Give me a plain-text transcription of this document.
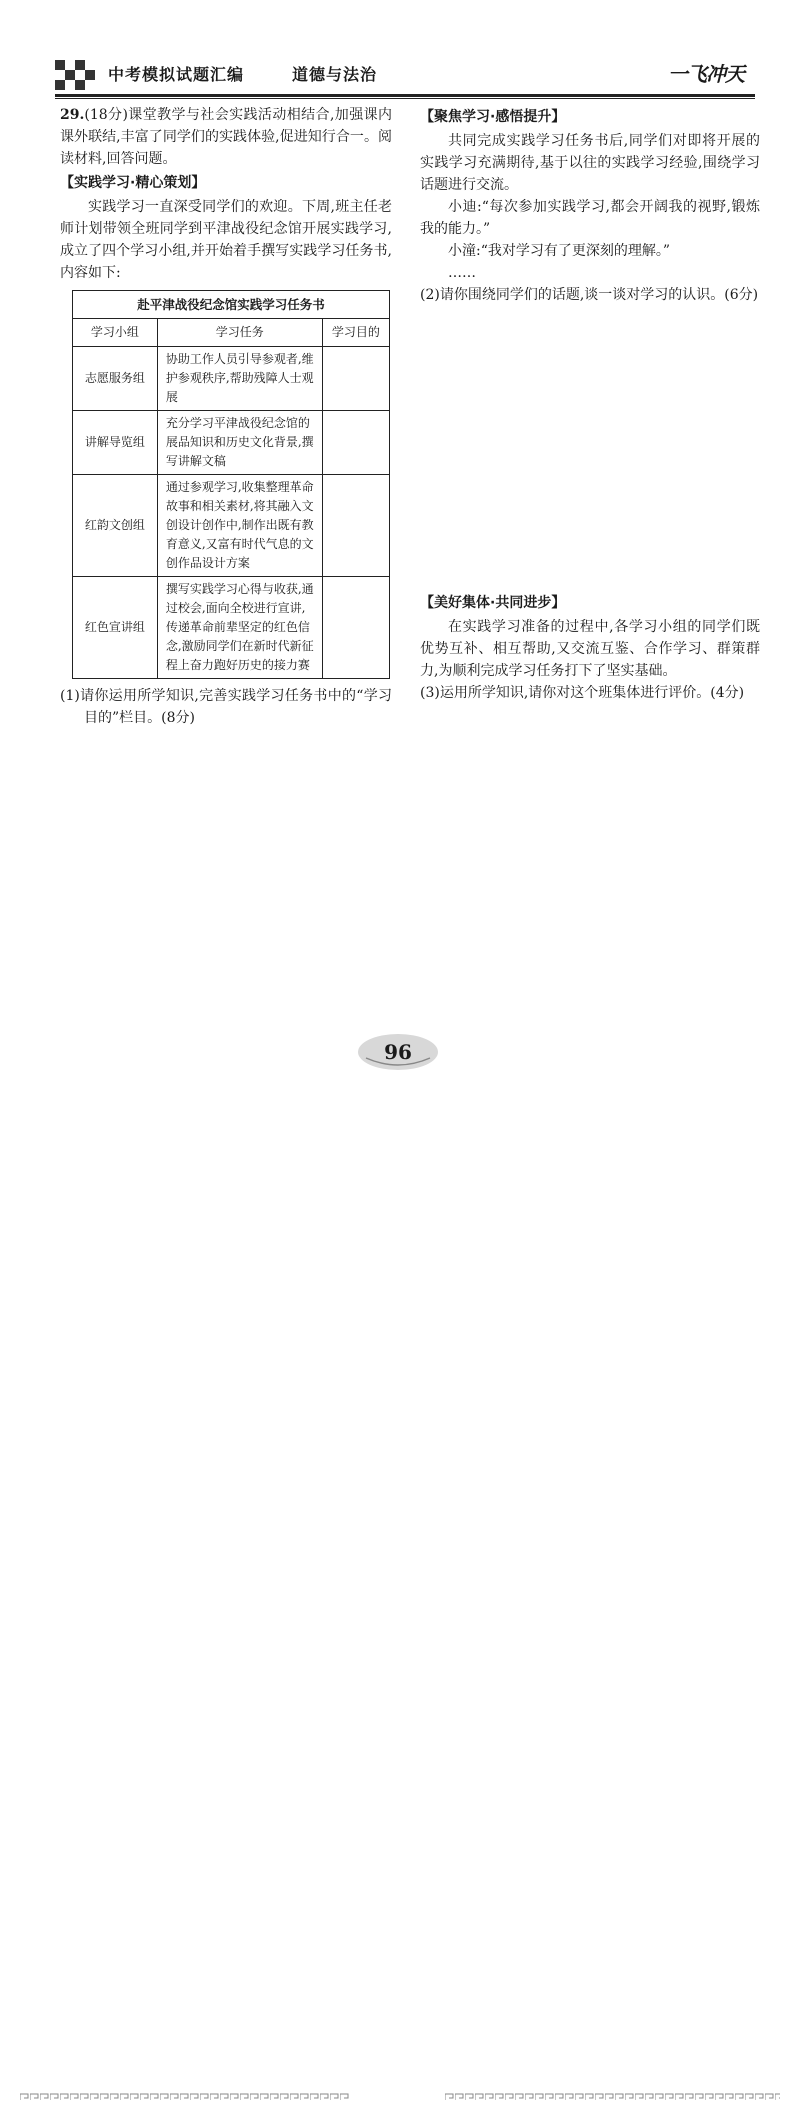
中考模拟试题汇编	道德与法治	一飞冲天

29.(18分)课堂教学与社会实践活动相结合,加强课内课外联结,丰富了同学们的实践体验,促进知行合一。阅读材料,回答问题。

【实践学习·精心策划】

实践学习一直深受同学们的欢迎。下周,班主任老师计划带领全班同学到平津战役纪念馆开展实践学习,成立了四个学习小组,并开始着手撰写实践学习任务书,内容如下:

赴平津战役纪念馆实践学习任务书		
学习小组	学习任务	学习目的
志愿服务组	协助工作人员引导参观者,维护参观秩序,帮助残障人士观展	
讲解导览组	充分学习平津战役纪念馆的展品知识和历史文化背景,撰写讲解文稿	
红韵文创组	通过参观学习,收集整理革命故事和相关素材,将其融入文创设计创作中,制作出既有教育意义,又富有时代气息的文创作品设计方案	
红色宣讲组	撰写实践学习心得与收获,通过校会,面向全校进行宣讲,传递革命前辈坚定的红色信念,激励同学们在新时代新征程上奋力跑好历史的接力赛	

(1)请你运用所学知识,完善实践学习任务书中的“学习目的”栏目。(8分)

【聚焦学习·感悟提升】

共同完成实践学习任务书后,同学们对即将开展的实践学习充满期待,基于以往的实践学习经验,围绕学习话题进行交流。

小迪:“每次参加实践学习,都会开阔我的视野,锻炼我的能力。”

小潼:“我对学习有了更深刻的理解。”

……

(2)请你围绕同学们的话题,谈一谈对学习的认识。(6分)

【美好集体·共同进步】

在实践学习准备的过程中,各学习小组的同学们既优势互补、相互帮助,又交流互鉴、合作学习、群策群力,为顺利完成学习任务打下了坚实基础。

(3)运用所学知识,请你对这个班集体进行评价。(4分)

96
